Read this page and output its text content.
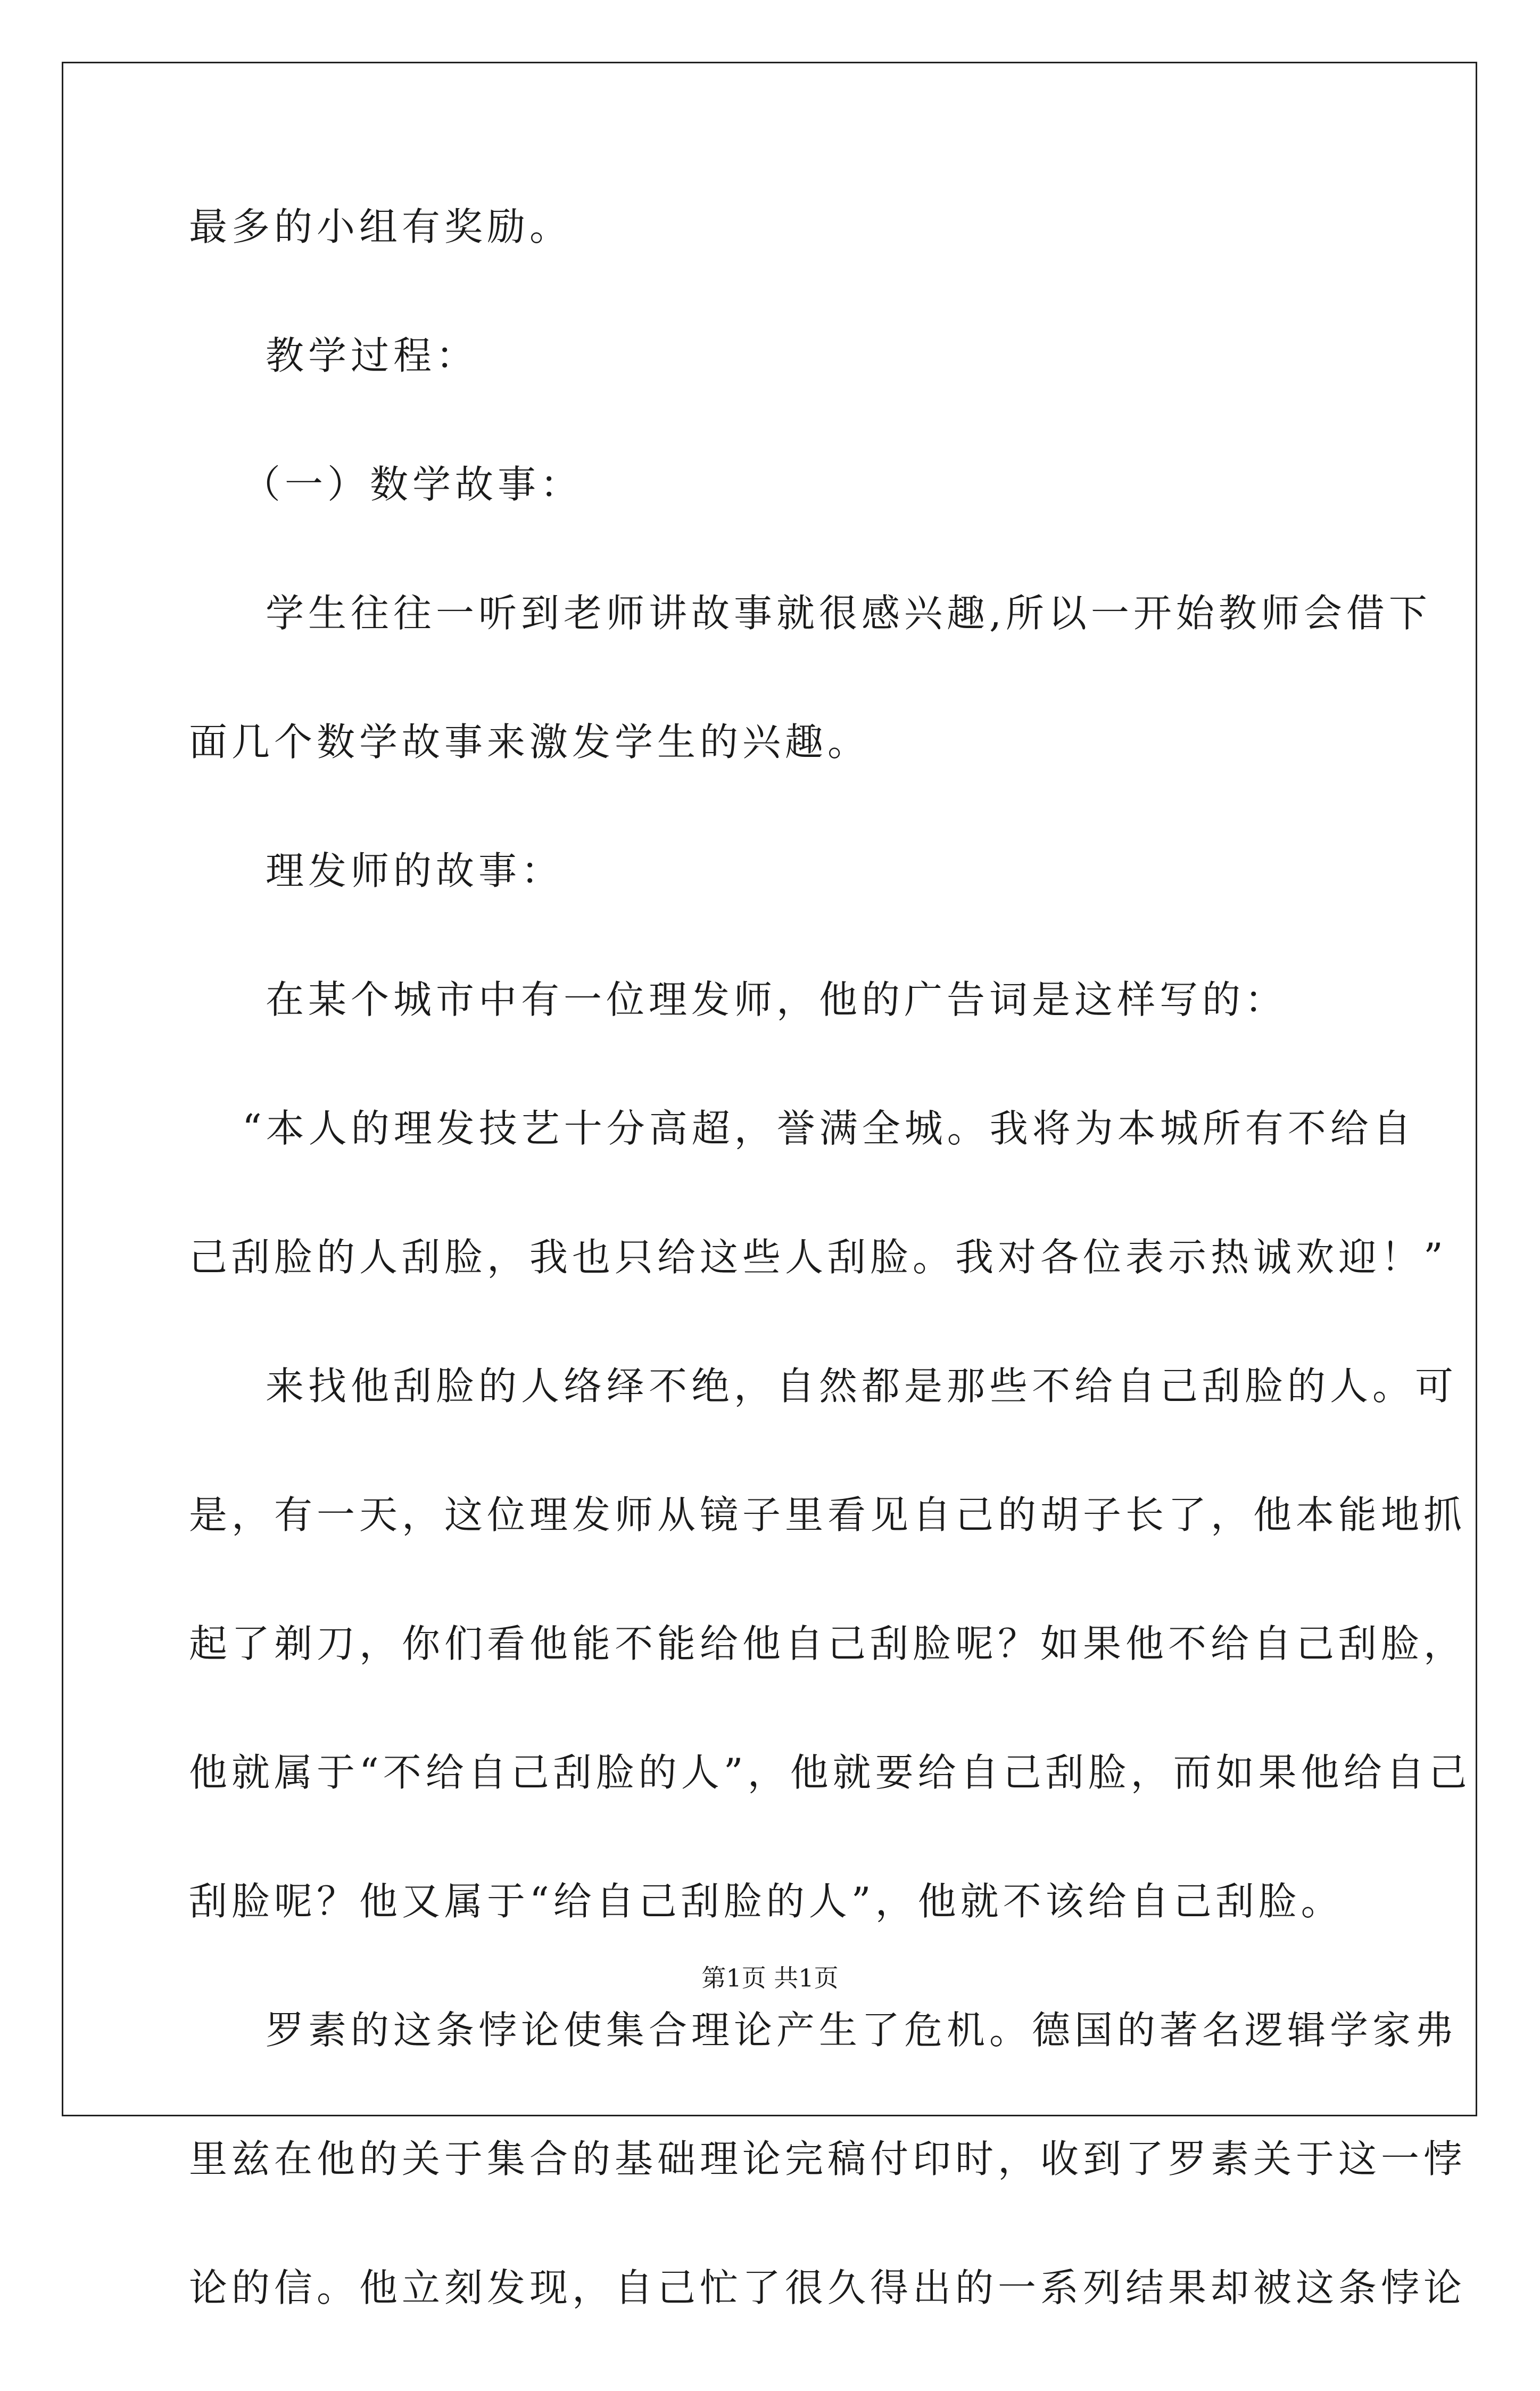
最多的小组有奖励。
教学过程：
（一）数学故事：
学生往往一听到老师讲故事就很感兴趣,所以一开始教师会借下
面几个数学故事来激发学生的兴趣。
理发师的故事：
在某个城市中有一位理发师，他的广告词是这样写的：
“本人的理发技艺十分高超，誉满全城。我将为本城所有不给自
己刮脸的人刮脸，我也只给这些人刮脸。我对各位表示热诚欢迎！”
来找他刮脸的人络绎不绝，自然都是那些不给自己刮脸的人。可
是，有一天，这位理发师从镜子里看见自己的胡子长了，他本能地抓
起了剃刀，你们看他能不能给他自己刮脸呢？如果他不给自己刮脸，
他就属于“不给自己刮脸的人”，他就要给自己刮脸，而如果他给自己
刮脸呢？他又属于“给自己刮脸的人”，他就不该给自己刮脸。
罗素的这条悖论使集合理论产生了危机。德国的著名逻辑学家弗
里兹在他的关于集合的基础理论完稿付印时，收到了罗素关于这一悖
论的信。他立刻发现，自己忙了很久得出的一系列结果却被这条悖论
第1页 共1页
